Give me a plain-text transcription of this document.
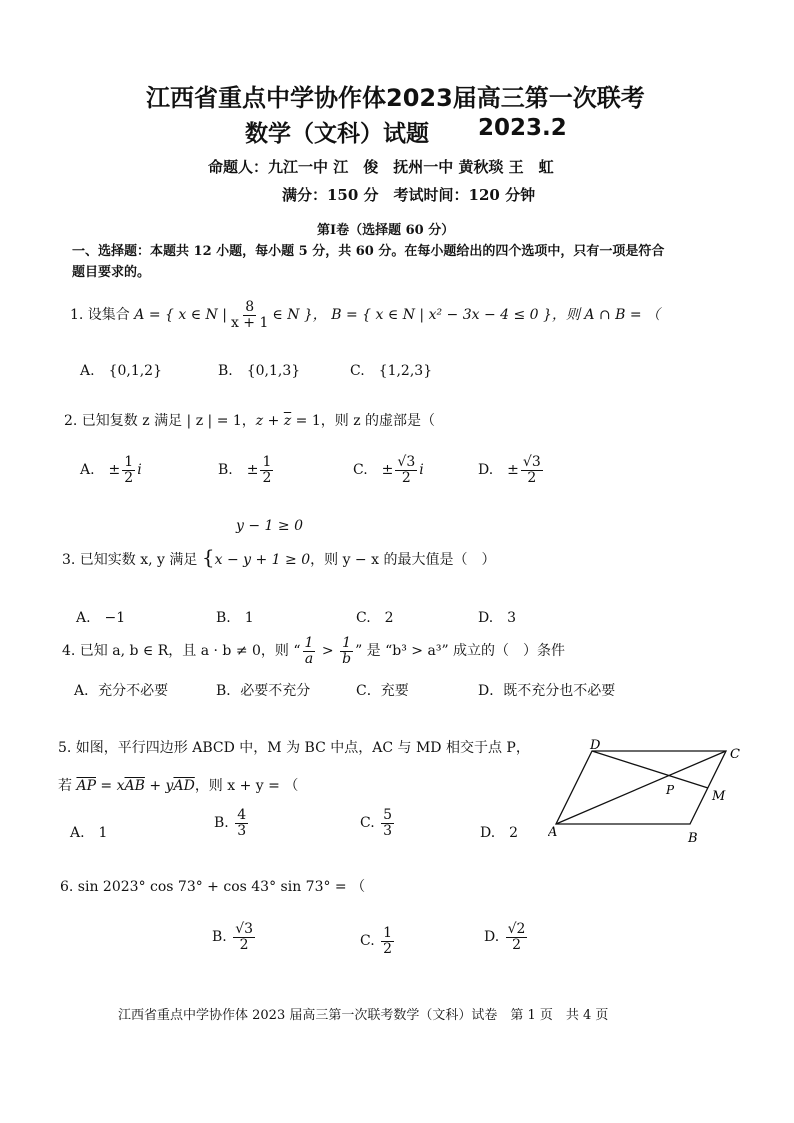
江西省重点中学协作体2023届高三第一次联考
数学（文科）试题 2023.2
命题人：九江一中 江　俊　抚州一中 黄秋琰 王　虹
满分：150 分　考试时间：120 分钟
第Ⅰ卷（选择题 60 分）
一、选择题：本题共 12 小题，每小题 5 分，共 60 分。在每小题给出的四个选项中，只有一项是符合
题目要求的。
1. 设集合 A = { x ∈ N | $\frac{8}{x + 1}$ ∈ N }， B = { x ∈ N | x² − 3x − 4 ≤ 0 }，则 A ∩ B = （
A.　{0,1,2}	B.　{0,1,3}	C.　{1,2,3}
2. 已知复数 z 满足 | z | = 1，$z + \overline{z} = 1$，则 z 的虚部是（
A.　± $\frac{1}{2}$ i	B.　± $\frac{1}{2}$	C.　± $\frac{√3}{2}$ i	D.　± $\frac{√3}{2}$
y − 1 ≥ 0
3. 已知实数 x, y 满足 {x − y + 1 ≥ 0，则 y − x 的最大值是（　）
A.　−1	B.　1	C.　2	D.　3
4. 已知 a, b ∈ R，且 a · b ≠ 0，则 “ $\frac{1}{a} > \frac{1}{b}$ ” 是 “b³ > a³” 成立的（　）条件
A．充分不必要	B．必要不充分	C．充要	D．既不充分也不必要
5. 如图，平行四边形 ABCD 中，M 为 BC 中点，AC 与 MD 相交于点 P，
若 $\overline{AP} = x\overline{AB} + y\overline{AD}$，则 x + y = （
A.　1
B. $\frac{4}{3}$	C. $\frac{5}{3}$	D.　2
D
C
P	M
A	B
6. sin 2023° cos 73° + cos 43° sin 73° = （
B. $\frac{√3}{2}$	C. $\frac{1}{2}$	D. $\frac{√2}{2}$
江西省重点中学协作体 2023 届高三第一次联考数学（文科）试卷　第 1 页　共 4 页
